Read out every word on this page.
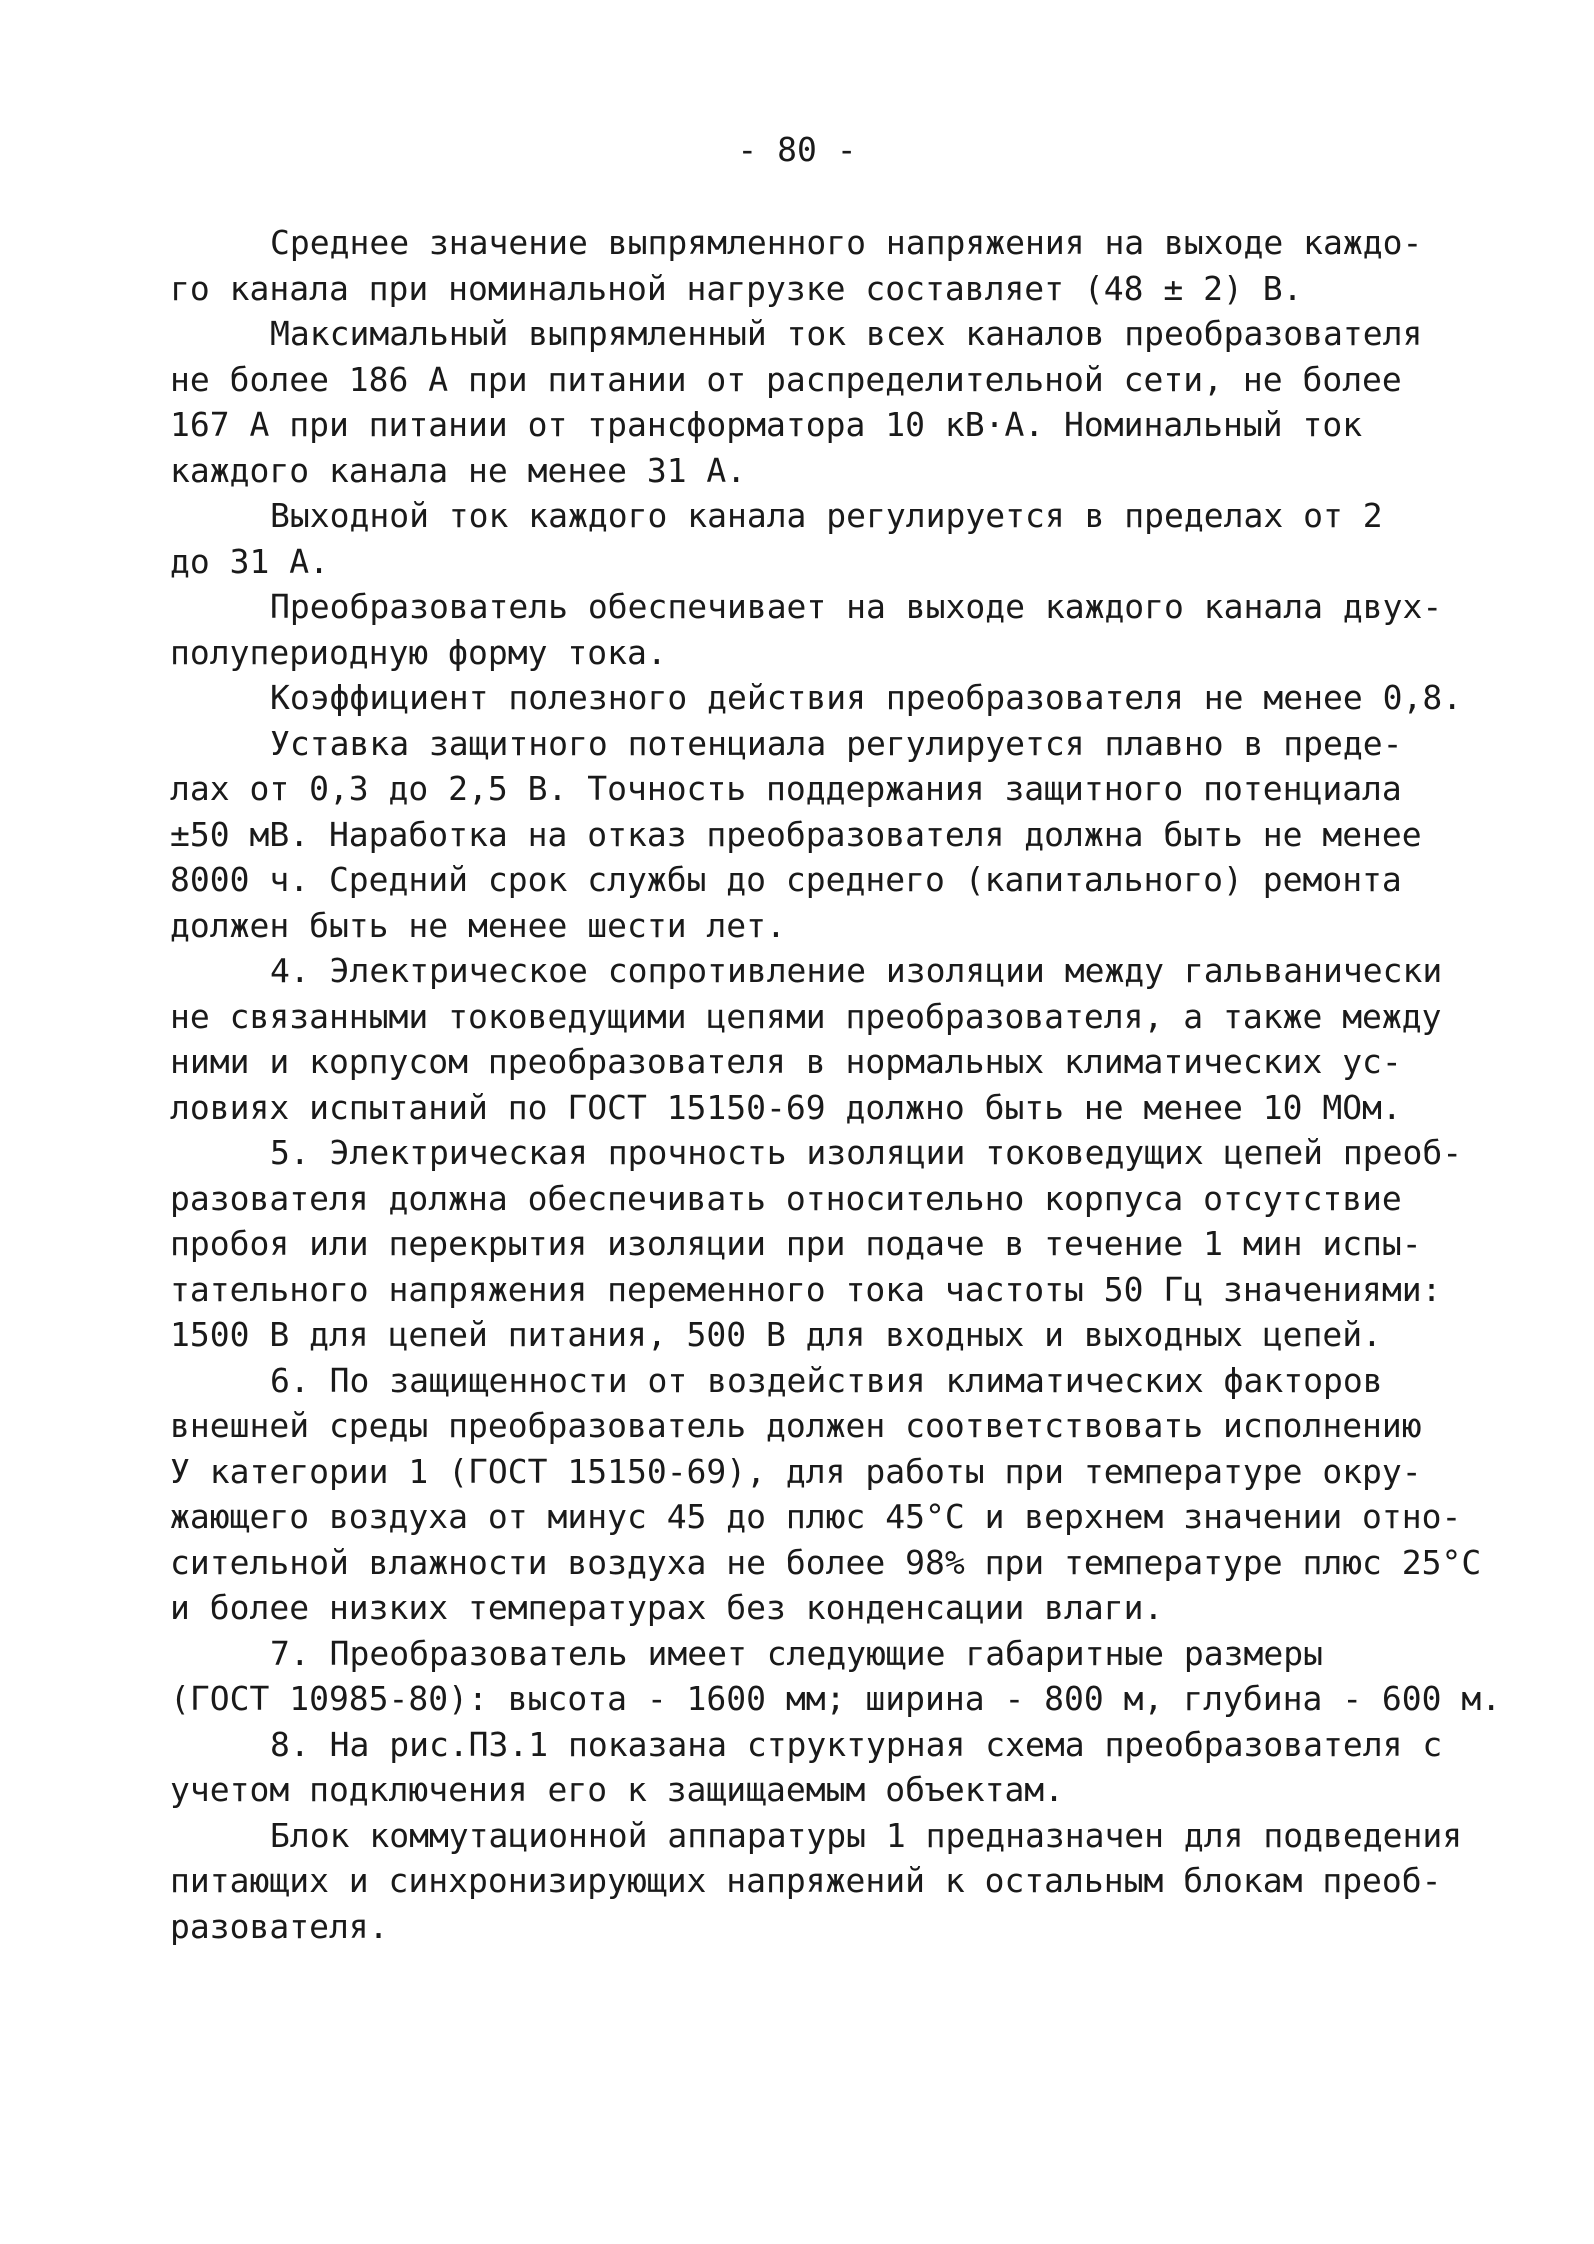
- 80 -
Среднее значение выпрямленного напряжения на выходе каждо-
го канала при номинальной нагрузке составляет (48 ± 2) В.
Максимальный выпрямленный ток всех каналов преобразователя
не более 186 А при питании от распределительной сети, не более
167 А при питании от трансформатора 10 кВ·А. Номинальный ток
каждого канала не менее 31 А.
Выходной ток каждого канала регулируется в пределах от 2
до 31 А.
Преобразователь обеспечивает на выходе каждого канала двух-
полупериодную форму тока.
Коэффициент полезного действия преобразователя не менее 0,8.
Уставка защитного потенциала регулируется плавно в преде-
лах от 0,3 до 2,5 В. Точность поддержания защитного потенциала
±50 мВ. Наработка на отказ преобразователя должна быть не менее
8000 ч. Средний срок службы до среднего (капитального) ремонта
должен быть не менее шести лет.
4. Электрическое сопротивление изоляции между гальванически
не связанными токоведущими цепями преобразователя, а также между
ними и корпусом преобразователя в нормальных климатических ус-
ловиях испытаний по ГОСТ 15150-69 должно быть не менее 10 МОм.
5. Электрическая прочность изоляции токоведущих цепей преоб-
разователя должна обеспечивать относительно корпуса отсутствие
пробоя или перекрытия изоляции при подаче в течение 1 мин испы-
тательного напряжения переменного тока частоты 50 Гц значениями:
1500 В для цепей питания, 500 В для входных и выходных цепей.
6. По защищенности от воздействия климатических факторов
внешней среды преобразователь должен соответствовать исполнению
У категории 1 (ГОСТ 15150-69), для работы при температуре окру-
жающего воздуха от минус 45 до плюс 45°С и верхнем значении отно-
сительной влажности воздуха не более 98% при температуре плюс 25°С
и более низких температурах без конденсации влаги.
7. Преобразователь имеет следующие габаритные размеры
(ГОСТ 10985-80): высота - 1600 мм; ширина - 800 м, глубина - 600 м.
8. На рис.П3.1 показана структурная схема преобразователя с
учетом подключения его к защищаемым объектам.
Блок коммутационной аппаратуры 1 предназначен для подведения
питающих и синхронизирующих напряжений к остальным блокам преоб-
разователя.
